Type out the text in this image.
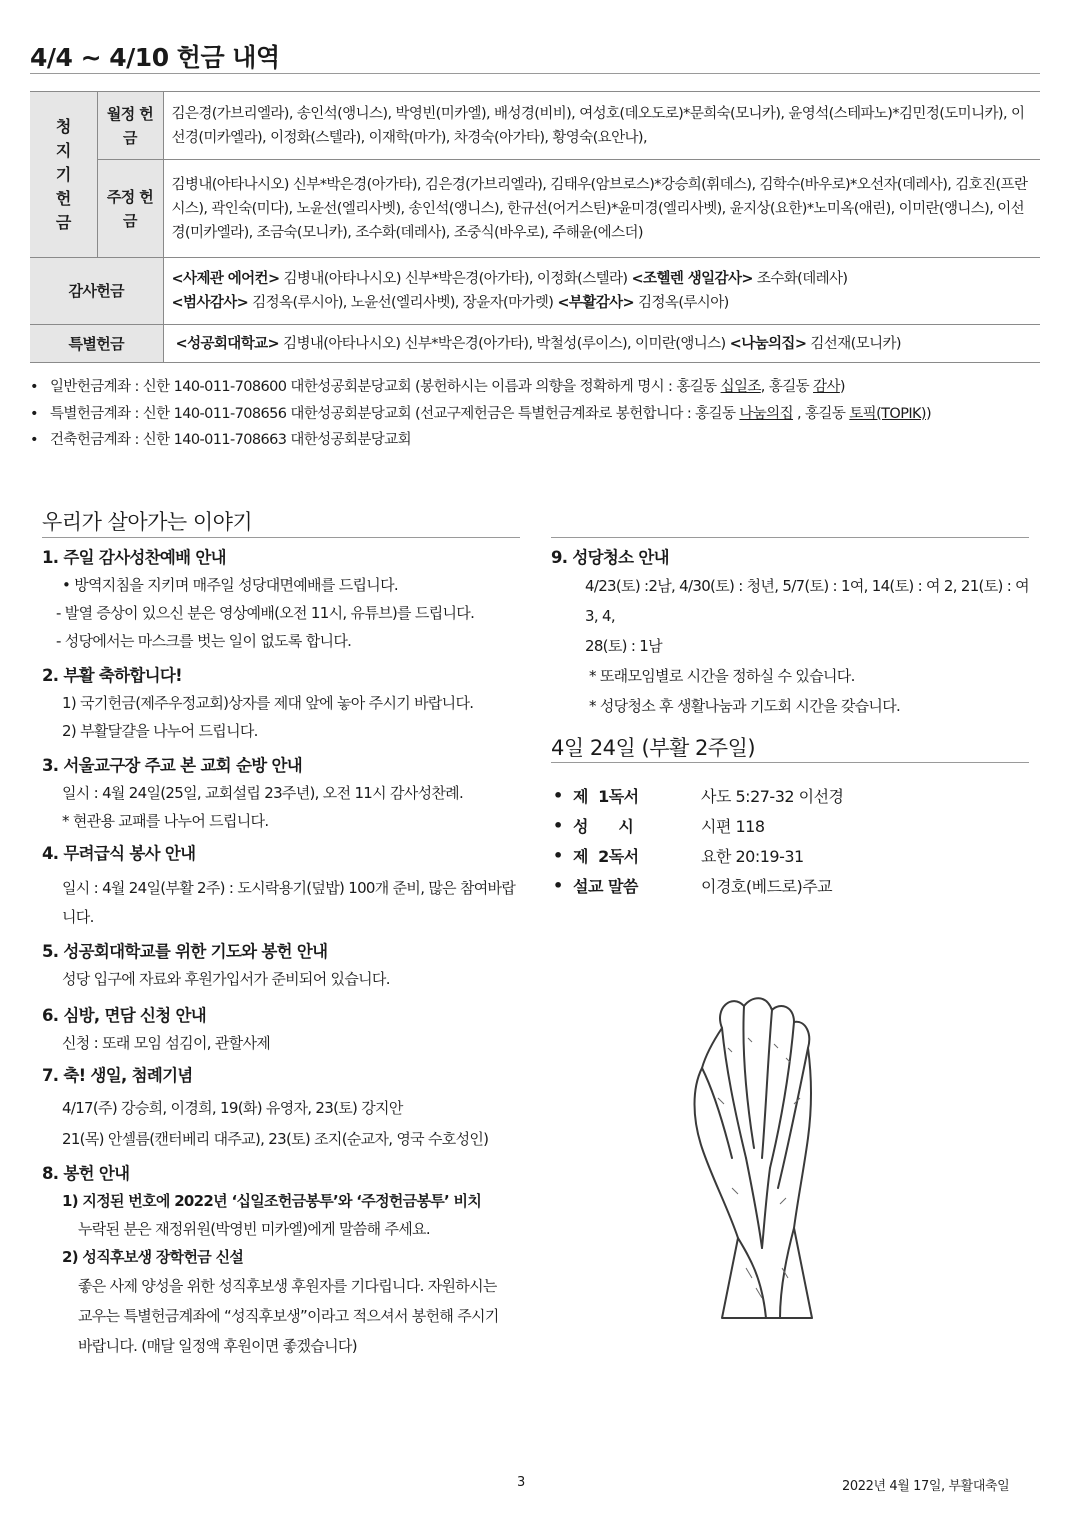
4/4 ~ 4/10 헌금 내역
청
지
기
헌
금	월정 헌금	김은경(가브리엘라), 송인석(앵니스), 박영빈(미카엘), 배성경(비비), 여성호(데오도로)*문희숙(모니카), 윤영석(스테파노)*김민정(도미니카), 이선경(미카엘라), 이정화(스텔라), 이재학(마가), 차경숙(아가타), 황영숙(요안나),
	주정 헌금	김병내(아타나시오) 신부*박은경(아가타), 김은경(가브리엘라), 김태우(암브로스)*강승희(휘데스), 김학수(바우로)*오선자(데레사), 김호진(프란시스), 곽인숙(미다), 노윤선(엘리사벳), 송인석(앵니스), 한규선(어거스틴)*윤미경(엘리사벳), 윤지상(요한)*노미옥(애린), 이미란(앵니스), 이선경(미카엘라), 조금숙(모니카), 조수화(데레사), 조중식(바우로), 주해윤(에스더)
감사헌금		<사제관 에어컨> 김병내(아타나시오) 신부*박은경(아가타), 이정화(스텔라) <조헬렌 생일감사> 조수화(데레사)
<범사감사> 김정옥(루시아), 노윤선(엘리사벳), 장윤자(마가렛) <부활감사> 김정옥(루시아)
특별헌금		<성공회대학교> 김병내(아타나시오) 신부*박은경(아가타), 박철성(루이스), 이미란(앵니스) <나눔의집> 김선재(모니카)
• 일반헌금계좌 : 신한 140-011-708600 대한성공회분당교회 (봉헌하시는 이름과 의향을 정확하게 명시 : 홍길동 십일조, 홍길동 감사)
• 특별헌금계좌 : 신한 140-011-708656 대한성공회분당교회 (선교구제헌금은 특별헌금계좌로 봉헌합니다 : 홍길동 나눔의집 , 홍길동 토픽(TOPIK))
• 건축헌금계좌 : 신한 140-011-708663 대한성공회분당교회
우리가 살아가는 이야기
1. 주일 감사성찬예배 안내
• 방역지침을 지키며 매주일 성당대면예배를 드립니다.
- 발열 증상이 있으신 분은 영상예배(오전 11시, 유튜브)를 드립니다.
- 성당에서는 마스크를 벗는 일이 없도록 합니다.
2. 부활 축하합니다!
1) 국기헌금(제주우정교회)상자를 제대 앞에 놓아 주시기 바랍니다.
2) 부활달걀을 나누어 드립니다.
3. 서울교구장 주교 본 교회 순방 안내
일시 : 4월 24일(25일, 교회설립 23주년), 오전 11시 감사성찬례.
* 현관용 교패를 나누어 드립니다.
4. 무려급식 봉사 안내
일시 : 4월 24일(부활 2주) : 도시락용기(덮밥) 100개 준비, 많은 참여바랍
니다.
5. 성공회대학교를 위한 기도와 봉헌 안내
성당 입구에 자료와 후원가입서가 준비되어 있습니다.
6. 심방, 면담 신청 안내
신청 : 또래 모임 섬김이, 관할사제
7. 축! 생일, 첨례기념
4/17(주) 강승희, 이경희, 19(화) 유영자, 23(토) 강지안
21(목) 안셀름(캔터베리 대주교), 23(토) 조지(순교자, 영국 수호성인)
8. 봉헌 안내
1) 지정된 번호에 2022년 ‘십일조헌금봉투’와 ‘주정헌금봉투’ 비치
누락된 분은 재정위원(박영빈 미카엘)에게 말씀해 주세요.
2) 성직후보생 장학헌금 신설
좋은 사제 양성을 위한 성직후보생 후원자를 기다립니다. 자원하시는
교우는 특별헌금계좌에 “성직후보생”이라고 적으셔서 봉헌해 주시기
바랍니다. (매달 일정액 후원이면 좋겠습니다)
9. 성당청소 안내
4/23(토) :2남, 4/30(토) : 청년, 5/7(토) : 1여, 14(토) : 여 2, 21(토) : 여 3, 4,
28(토) : 1남
* 또래모임별로 시간을 정하실 수 있습니다.
* 성당청소 후 생활나눔과 기도회 시간을 갖습니다.
4일 24일 (부활 2주일)
• 제  1독서	사도 5:27-32 이선경
• 성      시	시편 118
• 제  2독서	요한 20:19-31
• 설교 말씀	이경호(베드로)주교
3	2022년 4월 17일, 부활대축일
